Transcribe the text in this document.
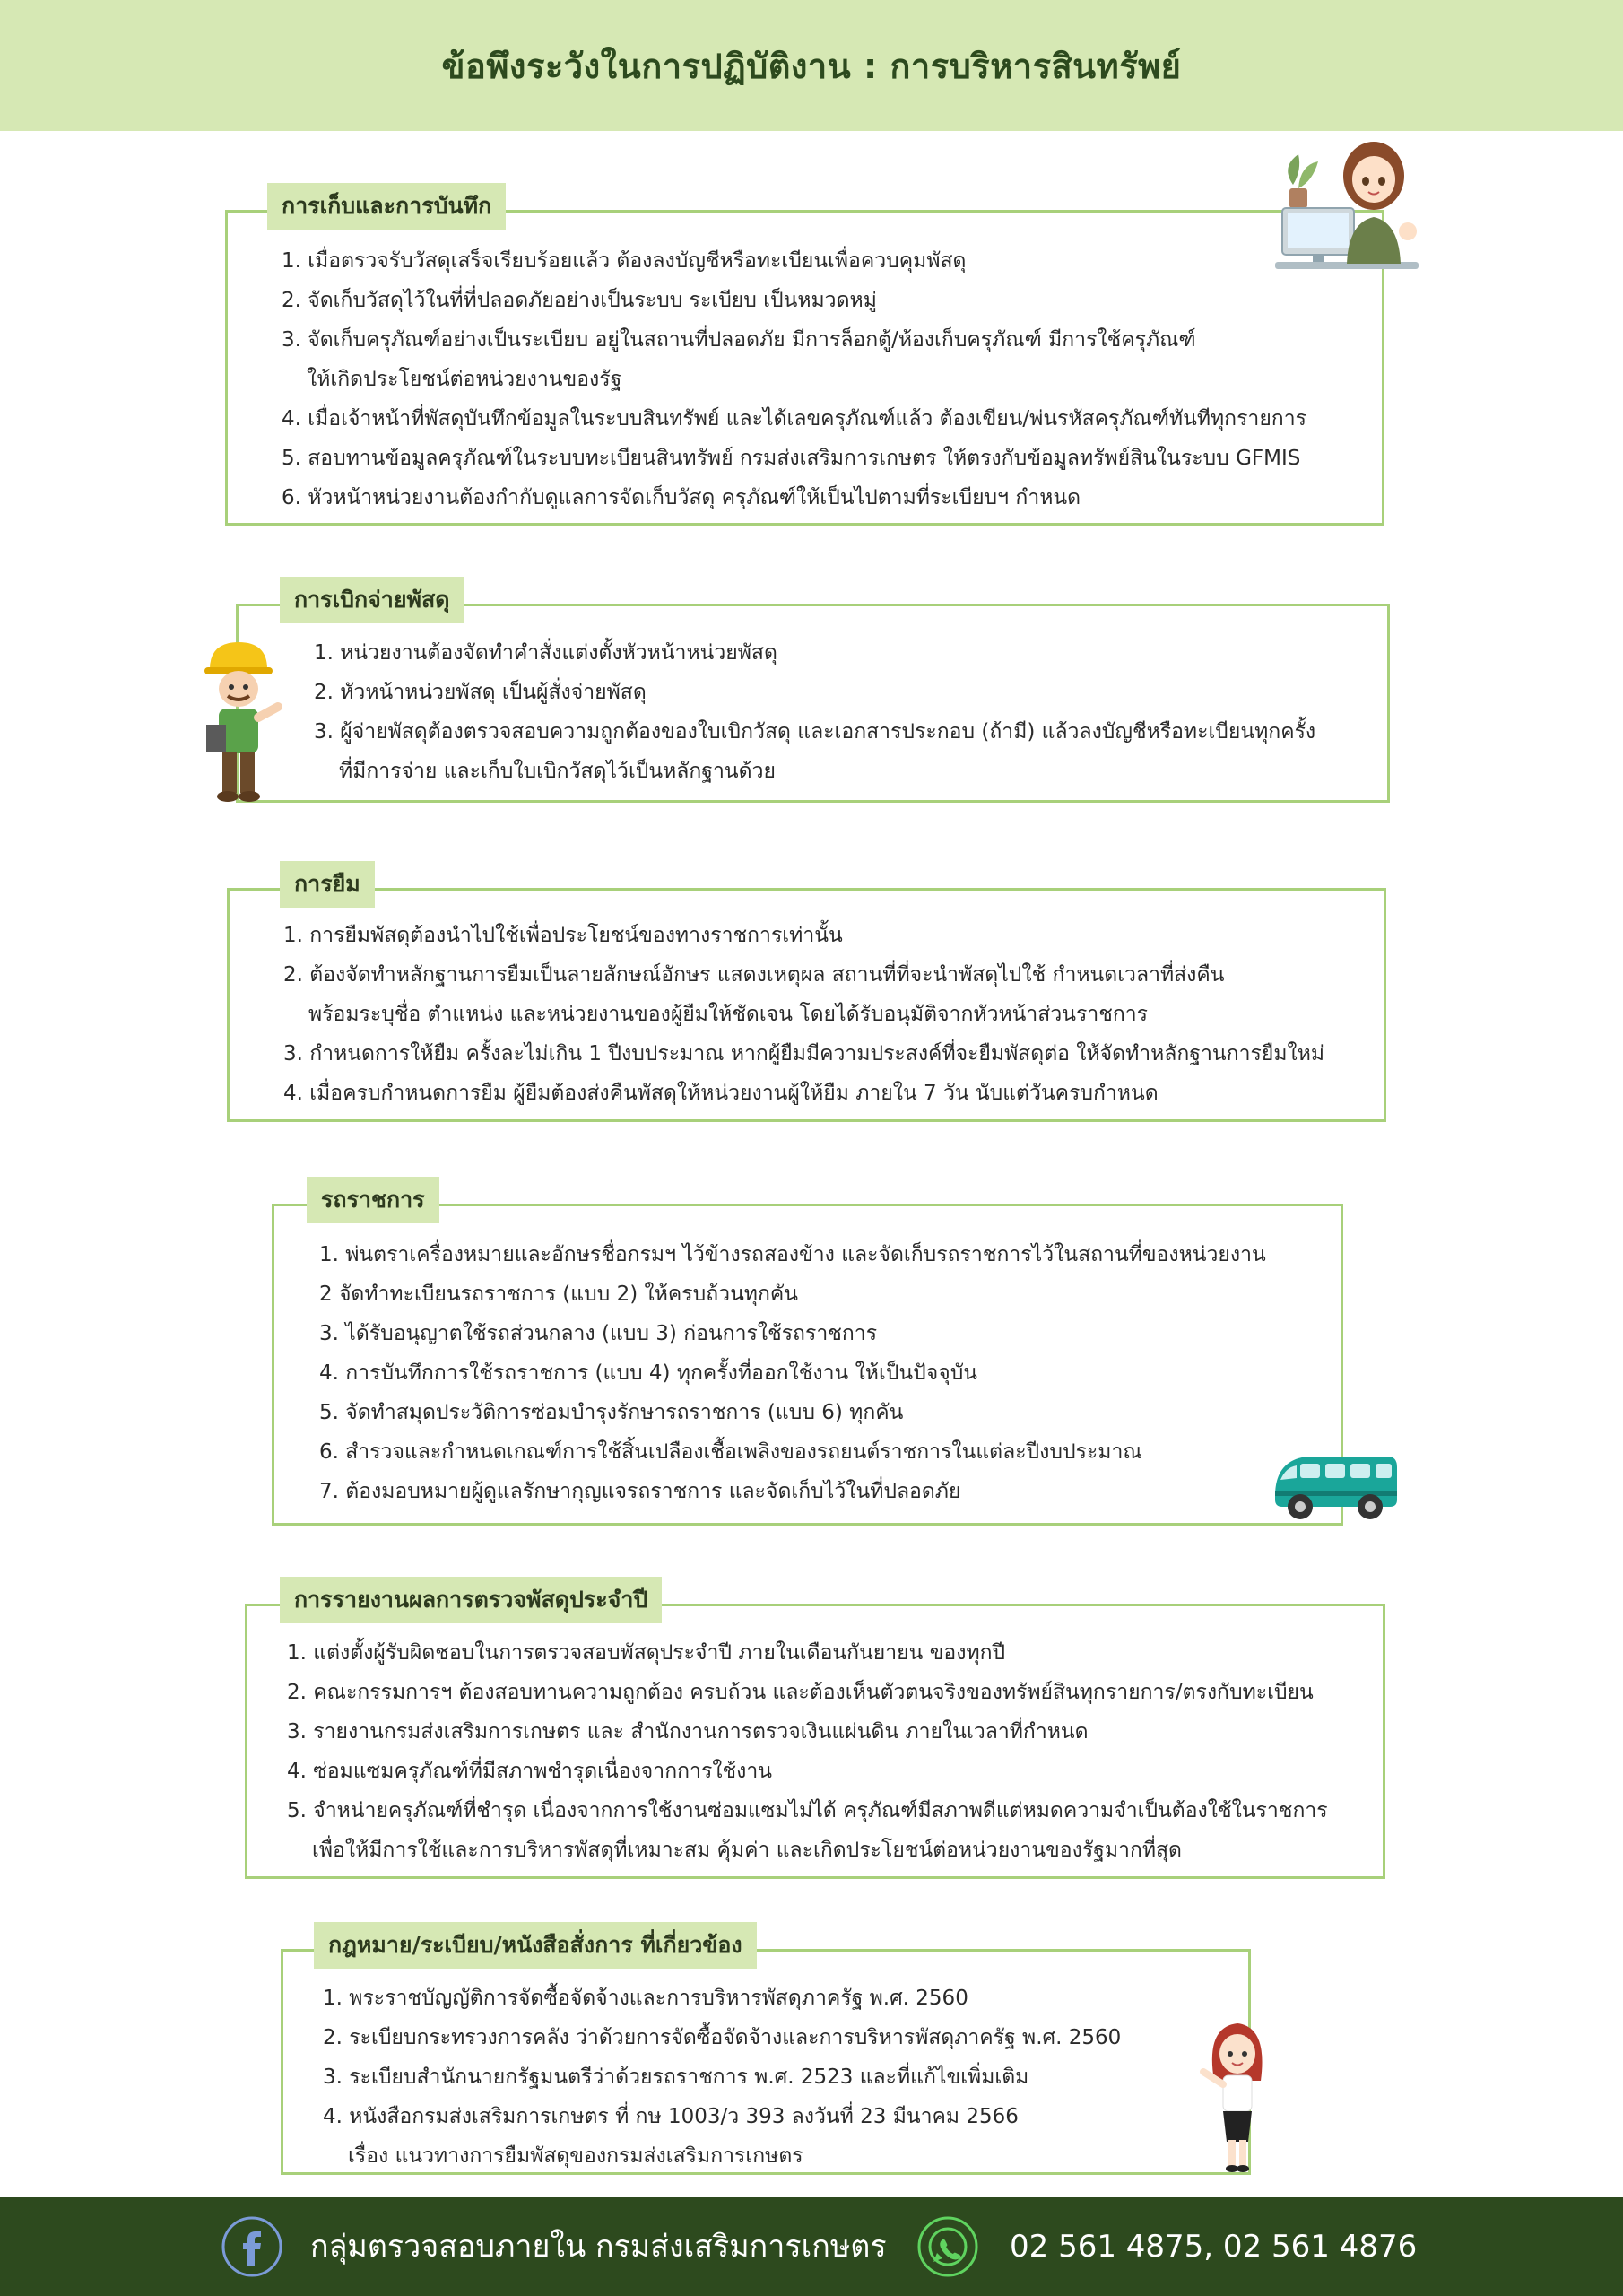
ข้อพึงระวังในการปฏิบัติงาน : การบริหารสินทรัพย์
การเก็บและการบันทึก
1. เมื่อตรวจรับวัสดุเสร็จเรียบร้อยแล้ว ต้องลงบัญชีหรือทะเบียนเพื่อควบคุมพัสดุ
2. จัดเก็บวัสดุไว้ในที่ที่ปลอดภัยอย่างเป็นระบบ ระเบียบ เป็นหมวดหมู่
3. จัดเก็บครุภัณฑ์อย่างเป็นระเบียบ อยู่ในสถานที่ปลอดภัย มีการล็อกตู้/ห้องเก็บครุภัณฑ์ มีการใช้ครุภัณฑ์
ให้เกิดประโยชน์ต่อหน่วยงานของรัฐ
4. เมื่อเจ้าหน้าที่พัสดุบันทึกข้อมูลในระบบสินทรัพย์ และได้เลขครุภัณฑ์แล้ว ต้องเขียน/พ่นรหัสครุภัณฑ์ทันทีทุกรายการ
5. สอบทานข้อมูลครุภัณฑ์ในระบบทะเบียนสินทรัพย์ กรมส่งเสริมการเกษตร ให้ตรงกับข้อมูลทรัพย์สินในระบบ GFMIS
6. หัวหน้าหน่วยงานต้องกำกับดูแลการจัดเก็บวัสดุ ครุภัณฑ์ให้เป็นไปตามที่ระเบียบฯ กำหนด
การเบิกจ่ายพัสดุ
1. หน่วยงานต้องจัดทำคำสั่งแต่งตั้งหัวหน้าหน่วยพัสดุ
2. หัวหน้าหน่วยพัสดุ เป็นผู้สั่งจ่ายพัสดุ
3. ผู้จ่ายพัสดุต้องตรวจสอบความถูกต้องของใบเบิกวัสดุ และเอกสารประกอบ (ถ้ามี) แล้วลงบัญชีหรือทะเบียนทุกครั้ง
ที่มีการจ่าย และเก็บใบเบิกวัสดุไว้เป็นหลักฐานด้วย
การยืม
1. การยืมพัสดุต้องนำไปใช้เพื่อประโยชน์ของทางราชการเท่านั้น
2. ต้องจัดทำหลักฐานการยืมเป็นลายลักษณ์อักษร แสดงเหตุผล สถานที่ที่จะนำพัสดุไปใช้ กำหนดเวลาที่ส่งคืน
พร้อมระบุชื่อ ตำแหน่ง และหน่วยงานของผู้ยืมให้ชัดเจน โดยได้รับอนุมัติจากหัวหน้าส่วนราชการ
3. กำหนดการให้ยืม ครั้งละไม่เกิน 1 ปีงบประมาณ หากผู้ยืมมีความประสงค์ที่จะยืมพัสดุต่อ ให้จัดทำหลักฐานการยืมใหม่
4. เมื่อครบกำหนดการยืม ผู้ยืมต้องส่งคืนพัสดุให้หน่วยงานผู้ให้ยืม ภายใน 7 วัน นับแต่วันครบกำหนด
รถราชการ
1. พ่นตราเครื่องหมายและอักษรชื่อกรมฯ ไว้ข้างรถสองข้าง และจัดเก็บรถราชการไว้ในสถานที่ของหน่วยงาน
2 จัดทำทะเบียนรถราชการ (แบบ 2) ให้ครบถ้วนทุกคัน
3. ได้รับอนุญาตใช้รถส่วนกลาง (แบบ 3) ก่อนการใช้รถราชการ
4. การบันทึกการใช้รถราชการ (แบบ 4) ทุกครั้งที่ออกใช้งาน ให้เป็นปัจจุบัน
5. จัดทำสมุดประวัติการซ่อมบำรุงรักษารถราชการ (แบบ 6) ทุกคัน
6. สำรวจและกำหนดเกณฑ์การใช้สิ้นเปลืองเชื้อเพลิงของรถยนต์ราชการในแต่ละปีงบประมาณ
7. ต้องมอบหมายผู้ดูแลรักษากุญแจรถราชการ และจัดเก็บไว้ในที่ปลอดภัย
การรายงานผลการตรวจพัสดุประจำปี
1. แต่งตั้งผู้รับผิดชอบในการตรวจสอบพัสดุประจำปี ภายในเดือนกันยายน ของทุกปี
2. คณะกรรมการฯ ต้องสอบทานความถูกต้อง ครบถ้วน และต้องเห็นตัวตนจริงของทรัพย์สินทุกรายการ/ตรงกับทะเบียน
3. รายงานกรมส่งเสริมการเกษตร และ สำนักงานการตรวจเงินแผ่นดิน ภายในเวลาที่กำหนด
4. ซ่อมแซมครุภัณฑ์ที่มีสภาพชำรุดเนื่องจากการใช้งาน
5. จำหน่ายครุภัณฑ์ที่ชำรุด เนื่องจากการใช้งานซ่อมแซมไม่ได้ ครุภัณฑ์มีสภาพดีแต่หมดความจำเป็นต้องใช้ในราชการ
เพื่อให้มีการใช้และการบริหารพัสดุที่เหมาะสม คุ้มค่า และเกิดประโยชน์ต่อหน่วยงานของรัฐมากที่สุด
กฎหมาย/ระเบียบ/หนังสือสั่งการ ที่เกี่ยวข้อง
1. พระราชบัญญัติการจัดซื้อจัดจ้างและการบริหารพัสดุภาครัฐ พ.ศ. 2560
2. ระเบียบกระทรวงการคลัง ว่าด้วยการจัดซื้อจัดจ้างและการบริหารพัสดุภาครัฐ พ.ศ. 2560
3. ระเบียบสำนักนายกรัฐมนตรีว่าด้วยรถราชการ พ.ศ. 2523 และที่แก้ไขเพิ่มเติม
4. หนังสือกรมส่งเสริมการเกษตร ที่ กษ 1003/ว 393 ลงวันที่ 23 มีนาคม 2566
เรื่อง แนวทางการยืมพัสดุของกรมส่งเสริมการเกษตร
กลุ่มตรวจสอบภายใน กรมส่งเสริมการเกษตร	02 561 4875, 02 561 4876
